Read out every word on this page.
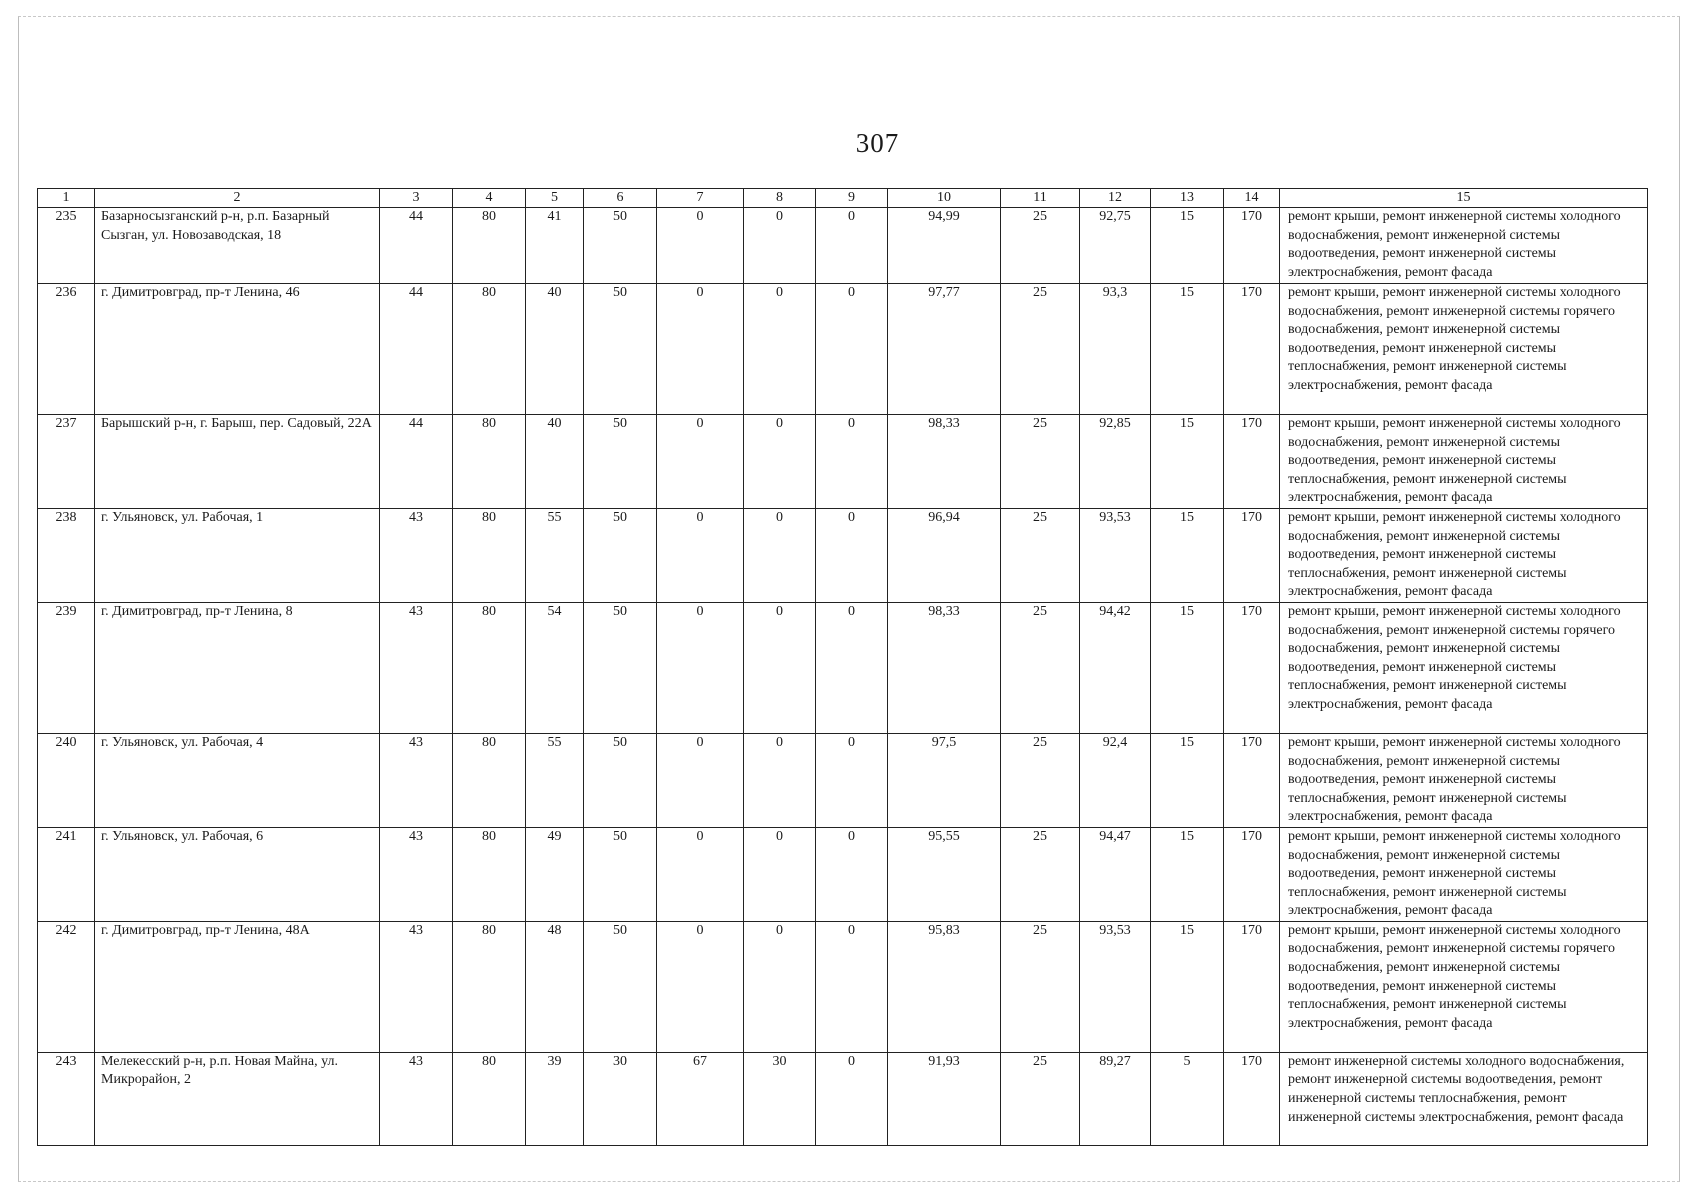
307
1	2	3	4	5	6	7	8	9	10	11	12	13	14	15
235	Базарносызганский р-н, р.п. Базарный Сызган, ул. Новозаводская, 18	44	80	41	50	0	0	0	94,99	25	92,75	15	170	ремонт крыши, ремонт инженерной системы холодного водоснабжения, ремонт инженерной системы водоотведения, ремонт инженерной системы электроснабжения, ремонт фасада
236	г. Димитровград, пр-т Ленина, 46	44	80	40	50	0	0	0	97,77	25	93,3	15	170	ремонт крыши, ремонт инженерной системы холодного водоснабжения, ремонт инженерной системы горячего водоснабжения, ремонт инженерной системы водоотведения, ремонт инженерной системы теплоснабжения, ремонт инженерной системы электроснабжения, ремонт фасада
237	Барышский р-н, г. Барыш, пер. Садовый, 22А	44	80	40	50	0	0	0	98,33	25	92,85	15	170	ремонт крыши, ремонт инженерной системы холодного водоснабжения, ремонт инженерной системы водоотведения, ремонт инженерной системы теплоснабжения, ремонт инженерной системы электроснабжения, ремонт фасада
238	г. Ульяновск, ул. Рабочая, 1	43	80	55	50	0	0	0	96,94	25	93,53	15	170	ремонт крыши, ремонт инженерной системы холодного водоснабжения, ремонт инженерной системы водоотведения, ремонт инженерной системы теплоснабжения, ремонт инженерной системы электроснабжения, ремонт фасада
239	г. Димитровград, пр-т Ленина, 8	43	80	54	50	0	0	0	98,33	25	94,42	15	170	ремонт крыши, ремонт инженерной системы холодного водоснабжения, ремонт инженерной системы горячего водоснабжения, ремонт инженерной системы водоотведения, ремонт инженерной системы теплоснабжения, ремонт инженерной системы электроснабжения, ремонт фасада
240	г. Ульяновск, ул. Рабочая, 4	43	80	55	50	0	0	0	97,5	25	92,4	15	170	ремонт крыши, ремонт инженерной системы холодного водоснабжения, ремонт инженерной системы водоотведения, ремонт инженерной системы теплоснабжения, ремонт инженерной системы электроснабжения, ремонт фасада
241	г. Ульяновск, ул. Рабочая, 6	43	80	49	50	0	0	0	95,55	25	94,47	15	170	ремонт крыши, ремонт инженерной системы холодного водоснабжения, ремонт инженерной системы водоотведения, ремонт инженерной системы теплоснабжения, ремонт инженерной системы электроснабжения, ремонт фасада
242	г. Димитровград, пр-т Ленина, 48А	43	80	48	50	0	0	0	95,83	25	93,53	15	170	ремонт крыши, ремонт инженерной системы холодного водоснабжения, ремонт инженерной системы горячего водоснабжения, ремонт инженерной системы водоотведения, ремонт инженерной системы теплоснабжения, ремонт инженерной системы электроснабжения, ремонт фасада
243	Мелекесский р-н, р.п. Новая Майна, ул. Микрорайон, 2	43	80	39	30	67	30	0	91,93	25	89,27	5	170	ремонт инженерной системы холодного водоснабжения, ремонт инженерной системы водоотведения, ремонт инженерной системы теплоснабжения, ремонт инженерной системы электроснабжения, ремонт фасада
